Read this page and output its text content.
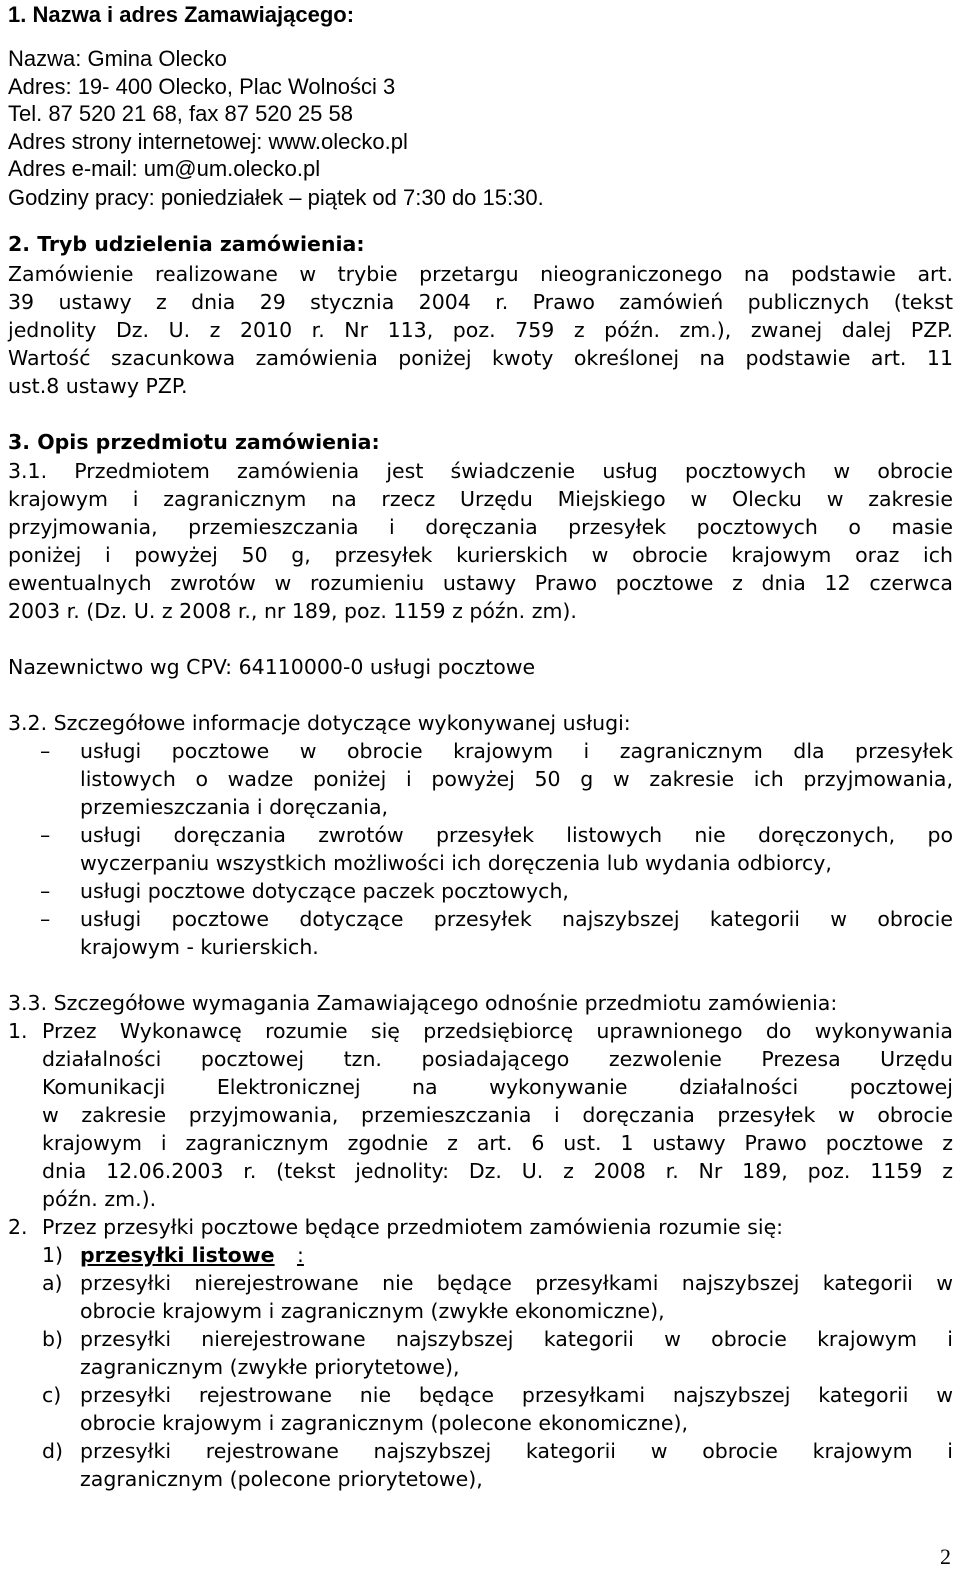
1. Nazwa i adres Zamawiającego:
Nazwa: Gmina Olecko
Adres: 19- 400 Olecko, Plac Wolności 3
Tel. 87 520 21 68, fax 87 520 25 58
Adres strony internetowej: www.olecko.pl
Adres e-mail: um@um.olecko.pl
Godziny pracy: poniedziałek – piątek od 7:30 do 15:30.
2. Tryb udzielenia zamówienia:
Zamówienie realizowane w trybie przetargu nieograniczonego na podstawie art.
39 ustawy z dnia 29 stycznia 2004 r. Prawo zamówień publicznych (tekst
jednolity Dz. U. z 2010 r. Nr 113, poz. 759 z późn. zm.), zwanej dalej PZP.
Wartość szacunkowa zamówienia poniżej kwoty określonej na podstawie art. 11
ust.8 ustawy PZP.
3. Opis przedmiotu zamówienia:
3.1. Przedmiotem zamówienia jest świadczenie usług pocztowych w obrocie
krajowym i zagranicznym na rzecz Urzędu Miejskiego w Olecku w zakresie
przyjmowania, przemieszczania i doręczania przesyłek pocztowych o masie
poniżej i powyżej 50 g, przesyłek kurierskich w obrocie krajowym oraz ich
ewentualnych zwrotów w rozumieniu ustawy Prawo pocztowe z dnia 12 czerwca
2003 r. (Dz. U. z 2008 r., nr 189, poz. 1159 z późn. zm).
Nazewnictwo wg CPV: 64110000-0 usługi pocztowe
3.2. Szczegółowe informacje dotyczące wykonywanej usługi:
– usługi pocztowe w obrocie krajowym i zagranicznym dla przesyłek
listowych o wadze poniżej i powyżej 50 g w zakresie ich przyjmowania,
przemieszczania i doręczania,
– usługi doręczania zwrotów przesyłek listowych nie doręczonych, po
wyczerpaniu wszystkich możliwości ich doręczenia lub wydania odbiorcy,
– usługi pocztowe dotyczące paczek pocztowych,
– usługi pocztowe dotyczące przesyłek najszybszej kategorii w obrocie
krajowym - kurierskich.
3.3. Szczegółowe wymagania Zamawiającego odnośnie przedmiotu zamówienia:
1. Przez Wykonawcę rozumie się przedsiębiorcę uprawnionego do wykonywania
działalności pocztowej tzn. posiadającego zezwolenie Prezesa Urzędu
Komunikacji Elektronicznej na wykonywanie działalności pocztowej
w zakresie przyjmowania, przemieszczania i doręczania przesyłek w obrocie
krajowym i zagranicznym zgodnie z art. 6 ust. 1 ustawy Prawo pocztowe z
dnia 12.06.2003 r. (tekst jednolity: Dz. U. z 2008 r. Nr 189, poz. 1159 z
późn. zm.).
2. Przez przesyłki pocztowe będące przedmiotem zamówienia rozumie się:
1) przesyłki listowe :
a) przesyłki nierejestrowane nie będące przesyłkami najszybszej kategorii w
obrocie krajowym i zagranicznym (zwykłe ekonomiczne),
b) przesyłki nierejestrowane najszybszej kategorii w obrocie krajowym i
zagranicznym (zwykłe priorytetowe),
c) przesyłki rejestrowane nie będące przesyłkami najszybszej kategorii w
obrocie krajowym i zagranicznym (polecone ekonomiczne),
d) przesyłki rejestrowane najszybszej kategorii w obrocie krajowym i
zagranicznym (polecone priorytetowe),
2
